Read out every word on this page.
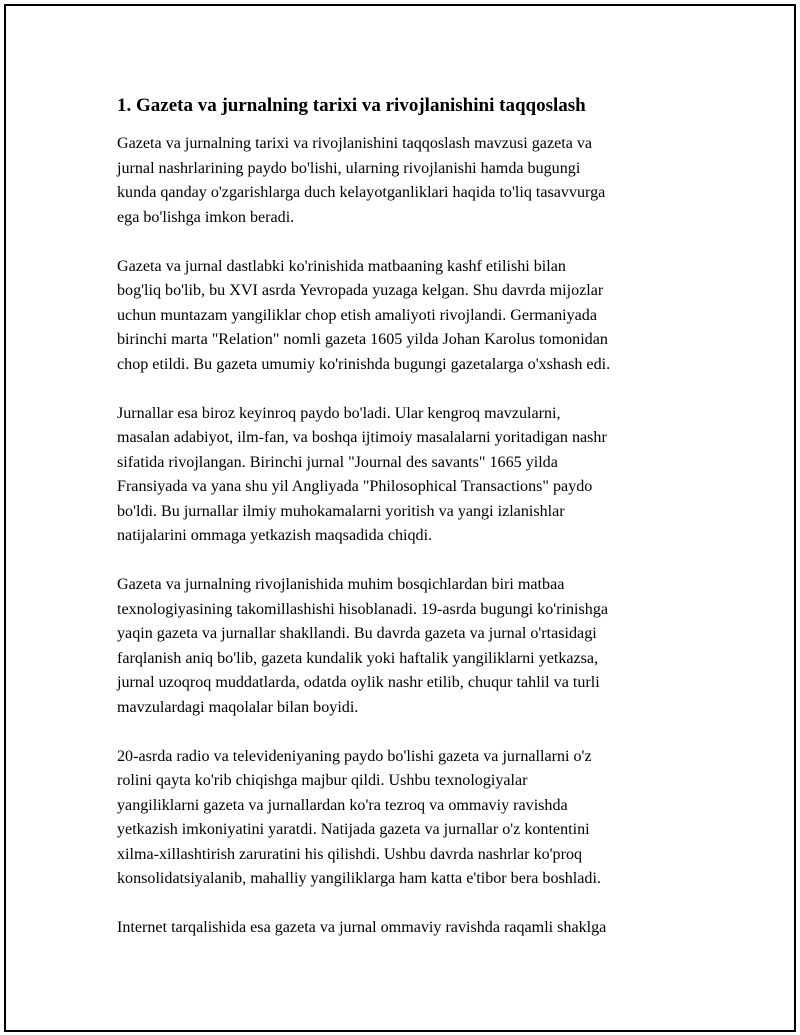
1. Gazeta va jurnalning tarixi va rivojlanishini taqqoslash

Gazeta va jurnalning tarixi va rivojlanishini taqqoslash mavzusi gazeta va
jurnal nashrlarining paydo bo'lishi, ularning rivojlanishi hamda bugungi
kunda qanday o'zgarishlarga duch kelayotganliklari haqida to'liq tasavvurga
ega bo'lishga imkon beradi.

Gazeta va jurnal dastlabki ko'rinishida matbaaning kashf etilishi bilan
bog'liq bo'lib, bu XVI asrda Yevropada yuzaga kelgan. Shu davrda mijozlar
uchun muntazam yangiliklar chop etish amaliyoti rivojlandi. Germaniyada
birinchi marta "Relation" nomli gazeta 1605 yilda Johan Karolus tomonidan
chop etildi. Bu gazeta umumiy ko'rinishda bugungi gazetalarga o'xshash edi.

Jurnallar esa biroz keyinroq paydo bo'ladi. Ular kengroq mavzularni,
masalan adabiyot, ilm-fan, va boshqa ijtimoiy masalalarni yoritadigan nashr
sifatida rivojlangan. Birinchi jurnal "Journal des savants" 1665 yilda
Fransiyada va yana shu yil Angliyada "Philosophical Transactions" paydo
bo'ldi. Bu jurnallar ilmiy muhokamalarni yoritish va yangi izlanishlar
natijalarini ommaga yetkazish maqsadida chiqdi.

Gazeta va jurnalning rivojlanishida muhim bosqichlardan biri matbaa
texnologiyasining takomillashishi hisoblanadi. 19-asrda bugungi ko'rinishga
yaqin gazeta va jurnallar shakllandi. Bu davrda gazeta va jurnal o'rtasidagi
farqlanish aniq bo'lib, gazeta kundalik yoki haftalik yangiliklarni yetkazsa,
jurnal uzoqroq muddatlarda, odatda oylik nashr etilib, chuqur tahlil va turli
mavzulardagi maqolalar bilan boyidi.

20-asrda radio va televideniyaning paydo bo'lishi gazeta va jurnallarni o'z
rolini qayta ko'rib chiqishga majbur qildi. Ushbu texnologiyalar
yangiliklarni gazeta va jurnallardan ko'ra tezroq va ommaviy ravishda
yetkazish imkoniyatini yaratdi. Natijada gazeta va jurnallar o'z kontentini
xilma-xillashtirish zaruratini his qilishdi. Ushbu davrda nashrlar ko'proq
konsolidatsiyalanib, mahalliy yangiliklarga ham katta e'tibor bera boshladi.

Internet tarqalishida esa gazeta va jurnal ommaviy ravishda raqamli shaklga
